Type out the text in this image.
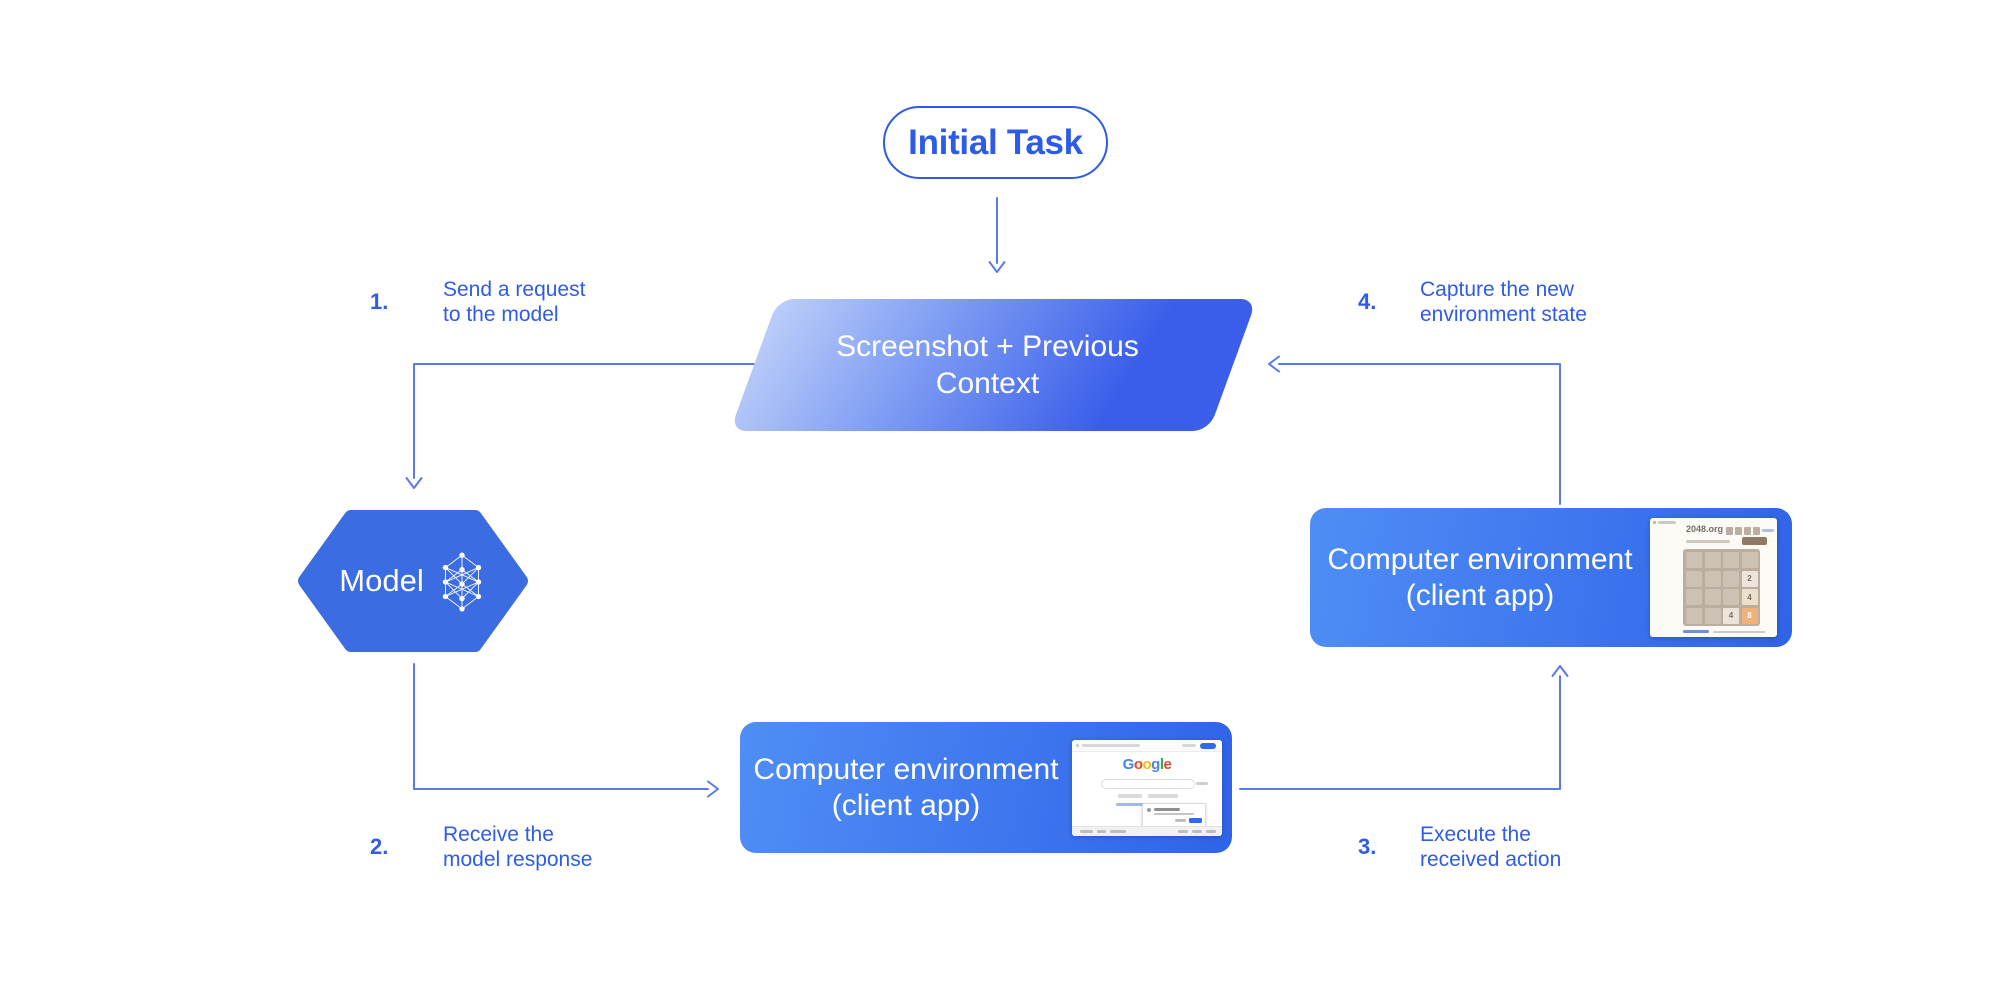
Initial Task
Screenshot + Previous
Context
Model
Computer environment
(client app)
Google
Computer environment
(client app)
2048.org
2
4
4	8
1.	Send a request
to the model
2.	Receive the
model response
3. Execute the
received action
4. Capture the new
environment state
